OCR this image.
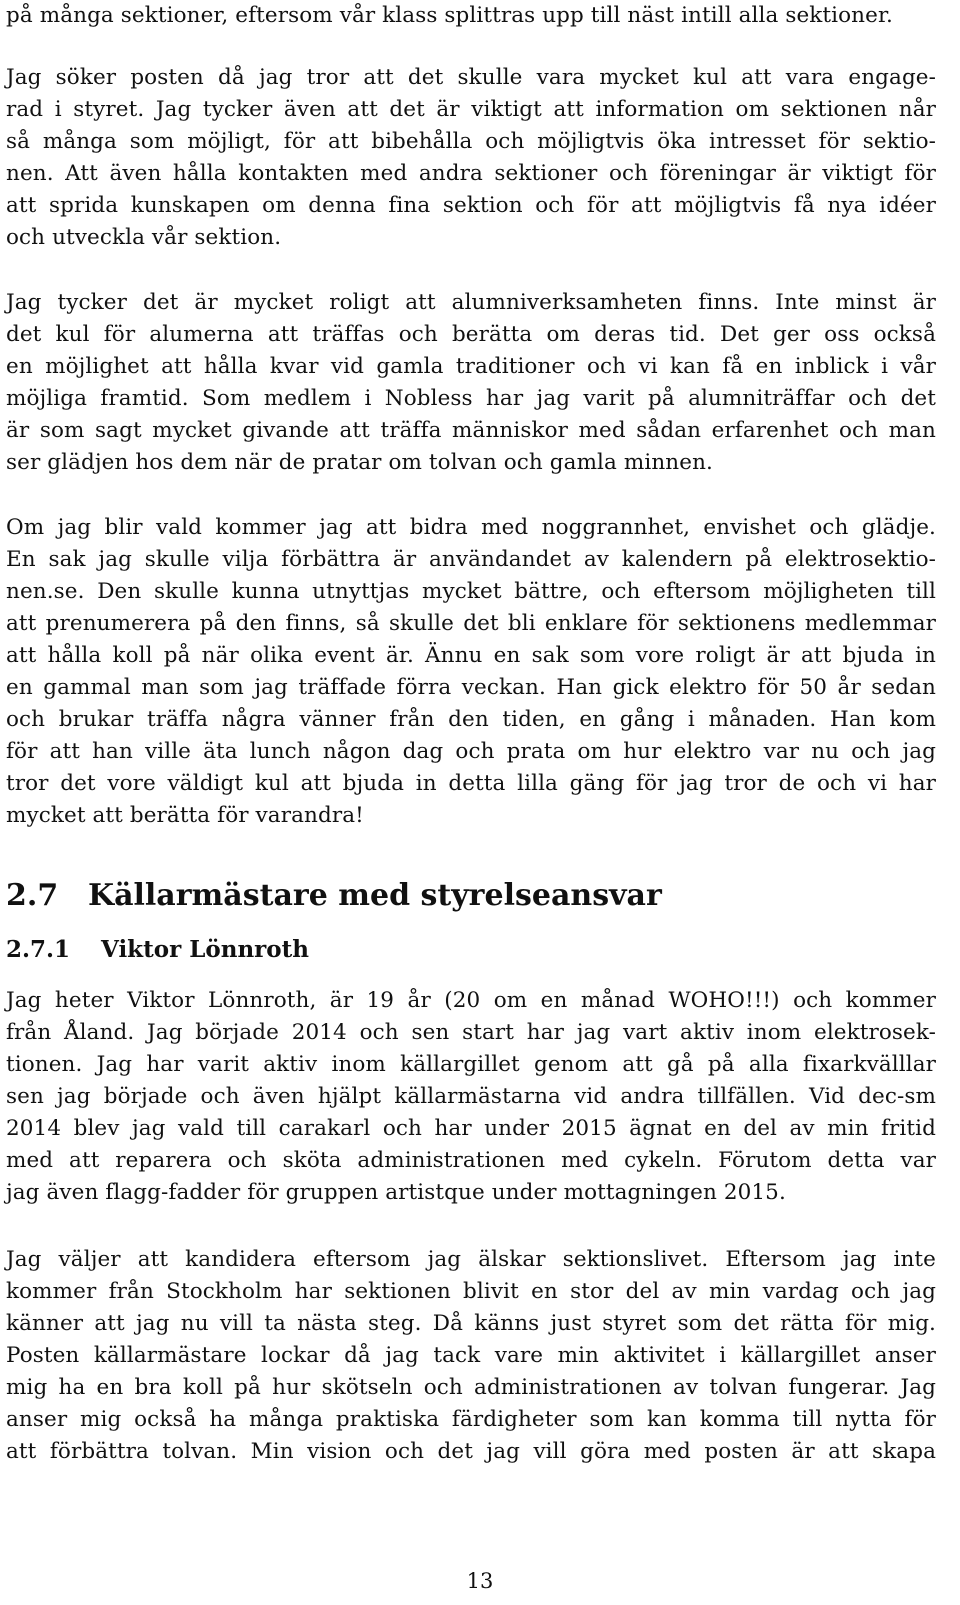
på många sektioner, eftersom vår klass splittras upp till näst intill alla sektioner.
Jag söker posten då jag tror att det skulle vara mycket kul att vara engage-
rad i styret. Jag tycker även att det är viktigt att information om sektionen når
så många som möjligt, för att bibehålla och möjligtvis öka intresset för sektio-
nen. Att även hålla kontakten med andra sektioner och föreningar är viktigt för
att sprida kunskapen om denna fina sektion och för att möjligtvis få nya idéer
och utveckla vår sektion.
Jag tycker det är mycket roligt att alumniverksamheten finns. Inte minst är
det kul för alumerna att träffas och berätta om deras tid. Det ger oss också
en möjlighet att hålla kvar vid gamla traditioner och vi kan få en inblick i vår
möjliga framtid. Som medlem i Nobless har jag varit på alumniträffar och det
är som sagt mycket givande att träffa människor med sådan erfarenhet och man
ser glädjen hos dem när de pratar om tolvan och gamla minnen.
Om jag blir vald kommer jag att bidra med noggrannhet, envishet och glädje.
En sak jag skulle vilja förbättra är användandet av kalendern på elektrosektio-
nen.se. Den skulle kunna utnyttjas mycket bättre, och eftersom möjligheten till
att prenumerera på den finns, så skulle det bli enklare för sektionens medlemmar
att hålla koll på när olika event är. Ännu en sak som vore roligt är att bjuda in
en gammal man som jag träffade förra veckan. Han gick elektro för 50 år sedan
och brukar träffa några vänner från den tiden, en gång i månaden. Han kom
för att han ville äta lunch någon dag och prata om hur elektro var nu och jag
tror det vore väldigt kul att bjuda in detta lilla gäng för jag tror de och vi har
mycket att berätta för varandra!
2.7 Källarmästare med styrelseansvar
2.7.1 Viktor Lönnroth
Jag heter Viktor Lönnroth, är 19 år (20 om en månad WOHO!!!) och kommer
från Åland. Jag började 2014 och sen start har jag vart aktiv inom elektrosek-
tionen. Jag har varit aktiv inom källargillet genom att gå på alla fixarkvälllar
sen jag började och även hjälpt källarmästarna vid andra tillfällen. Vid dec-sm
2014 blev jag vald till carakarl och har under 2015 ägnat en del av min fritid
med att reparera och sköta administrationen med cykeln. Förutom detta var
jag även flagg-fadder för gruppen artistque under mottagningen 2015.
Jag väljer att kandidera eftersom jag älskar sektionslivet. Eftersom jag inte
kommer från Stockholm har sektionen blivit en stor del av min vardag och jag
känner att jag nu vill ta nästa steg. Då känns just styret som det rätta för mig.
Posten källarmästare lockar då jag tack vare min aktivitet i källargillet anser
mig ha en bra koll på hur skötseln och administrationen av tolvan fungerar. Jag
anser mig också ha många praktiska färdigheter som kan komma till nytta för
att förbättra tolvan. Min vision och det jag vill göra med posten är att skapa
13
